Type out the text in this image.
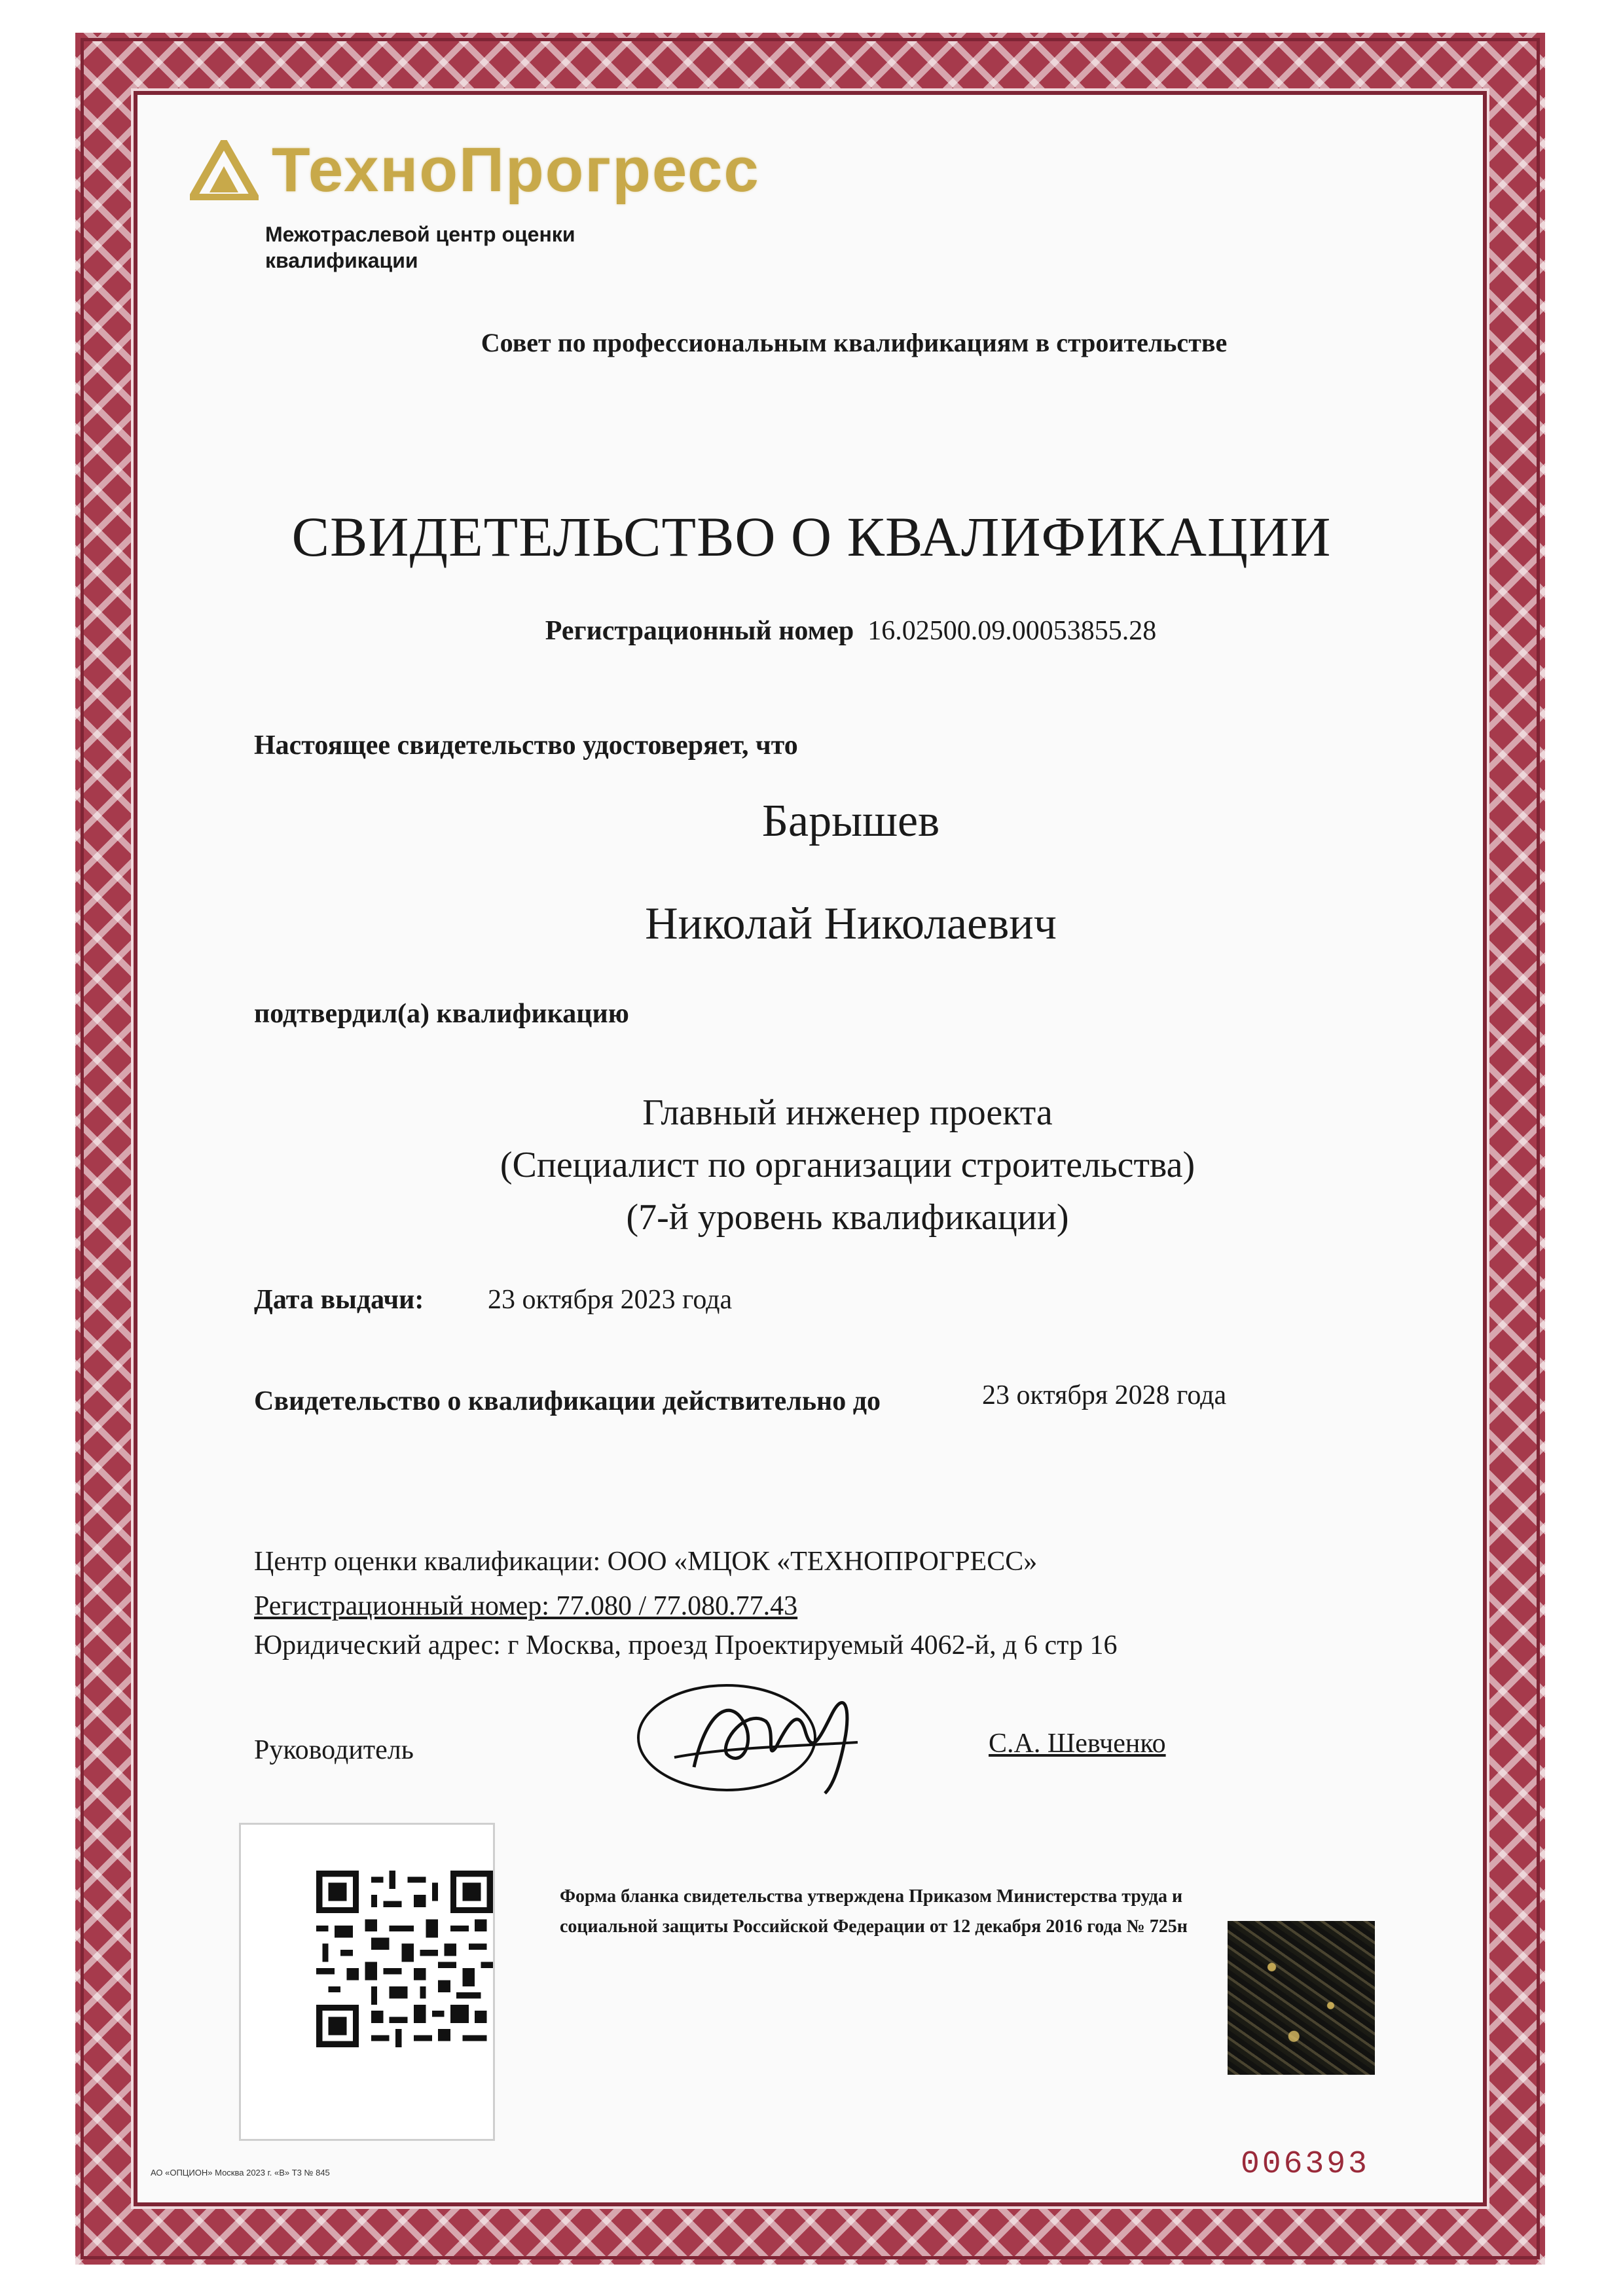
ТехноПрогресс
Межотраслевой центр оценки квалификации
Совет по профессиональным квалификациям в строительстве
СВИДЕТЕЛЬСТВО О КВАЛИФИКАЦИИ
Регистрационный номер 16.02500.09.00053855.28
Настоящее свидетельство удостоверяет, что
Барышев
Николай Николаевич
подтвердил(а) квалификацию
Главный инженер проекта
(Специалист по организации строительства)
(7-й уровень квалификации)
Дата выдачи: 23 октября 2023 года
Свидетельство о квалификации действительно до	23 октября 2028 года
Центр оценки квалификации: ООО «МЦОК «ТЕХНОПРОГРЕСС»
Регистрационный номер: 77.080 / 77.080.77.43
Юридический адрес: г Москва, проезд Проектируемый 4062-й, д 6 стр 16
Руководитель	С.А. Шевченко
Форма бланка свидетельства утверждена Приказом Министерства труда и социальной защиты Российской Федерации от 12 декабря 2016 года № 725н
АО «ОПЦИОН» Москва 2023 г. «В» Т3 № 845	006393
